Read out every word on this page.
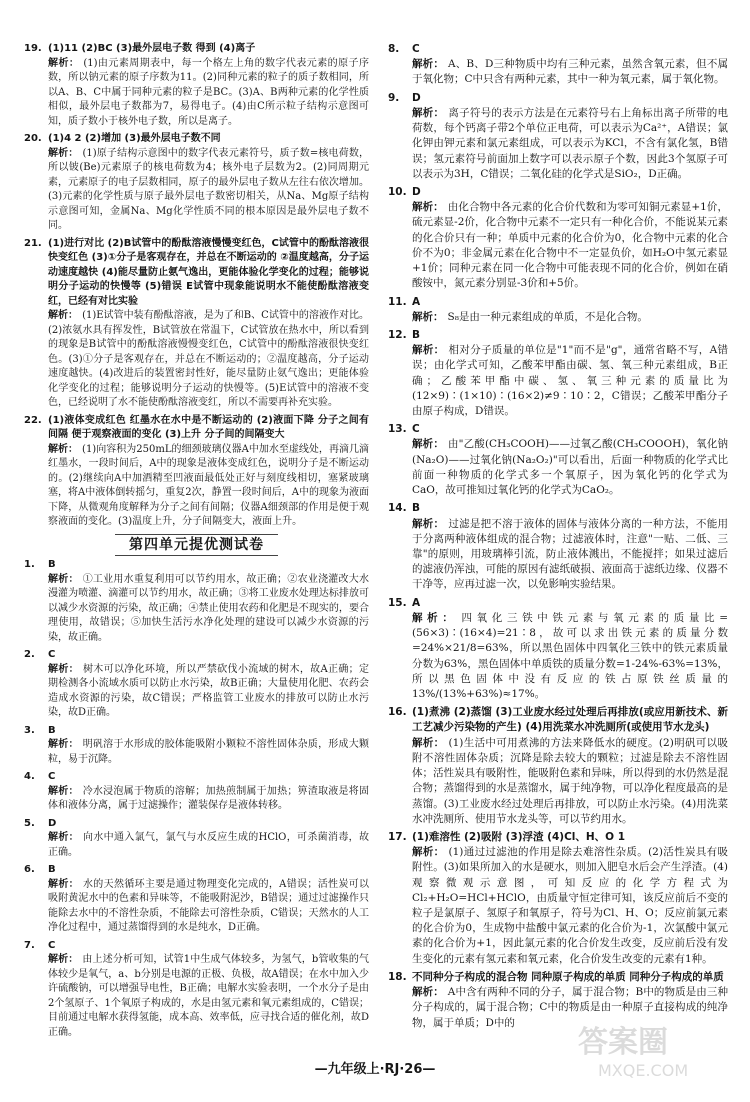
19. (1)11 (2)BC (3)最外层电子数 得到 (4)离子
解析： (1)由元素周期表中，每一个格左上角的数字代表元素的原子序数，所以钠元素的原子序数为11。(2)同种元素的粒子的质子数相同，所以A、B、C中属于同种元素的粒子是BC。(3)A、B两种元素的化学性质相似，最外层电子数都为7，易得电子。(4)由C所示粒子结构示意图可知，质子数小于核外电子数，所以是离子。
20. (1)4 2 (2)增加 (3)最外层电子数不同
解析： (1)原子结构示意图中的数字代表元素符号，质子数=核电荷数，所以铍(Be)元素原子的核电荷数为4；核外电子层数为2。(2)同周期元素，元素原子的电子层数相同，原子的最外层电子数从左往右依次增加。(3)元素的化学性质与原子最外层电子数密切相关，从Na、Mg原子结构示意图可知，金属Na、Mg化学性质不同的根本原因是最外层电子数不同。
21. (1)进行对比 (2)B试管中的酚酞溶液慢慢变红色，C试管中的酚酞溶液很快变红色 (3)①分子是客观存在，并总在不断运动的 ②温度越高，分子运动速度越快 (4)能尽量防止氨气逸出，更能体验化学变化的过程；能够说明分子运动的快慢等 (5)错误 E试管中现象能说明水不能使酚酞溶液变红，已经有对比实验
解析： (1)E试管中装有酚酞溶液，是为了和B、C试管中的溶液作对比。(2)浓氨水具有挥发性，B试管放在常温下，C试管放在热水中，所以看到的现象是B试管中的酚酞溶液慢慢变红色，C试管中的酚酞溶液很快变红色。(3)①分子是客观存在，并总在不断运动的；②温度越高，分子运动速度越快。(4)改进后的装置密封性好，能尽量防止氨气逸出；更能体验化学变化的过程；能够说明分子运动的快慢等。(5)E试管中的溶液不变色，已经说明了水不能使酚酞溶液变红，所以不需要再补充实验。
22. (1)液体变成红色 红墨水在水中是不断运动的 (2)液面下降 分子之间有间隔 便于观察液面的变化 (3)上升 分子间的间隔变大
解析： (1)向容积为250mL的细颈玻璃仪器A中加水至虚线处，再滴几滴红墨水，一段时间后，A中的现象是液体变成红色，说明分子是不断运动的。(2)继续向A中加酒精至凹液面最低处正好与刻度线相切，塞紧玻璃塞，将A中液体倒转摇匀，重复2次，静置一段时间后，A中的现象为液面下降，从微观角度解释为分子之间有间隔；仪器A细颈部的作用是便于观察液面的变化。(3)温度上升，分子间隔变大，液面上升。
第四单元提优测试卷
1. B
解析： ①工业用水重复利用可以节约用水，故正确；②农业浇灌改大水漫灌为喷灌、滴灌可以节约用水，故正确；③将工业废水处理达标排放可以减少水资源的污染，故正确；④禁止使用农药和化肥是不现实的，要合理使用，故错误；⑤加快生活污水净化处理的建设可以减少水资源的污染，故正确。
2. C
解析： 树木可以净化环境，所以严禁砍伐小流域的树木，故A正确；定期检测各小流域水质可以防止水污染，故B正确；大量使用化肥、农药会造成水资源的污染，故C错误；严格监管工业废水的排放可以防止水污染，故D正确。
3. B
解析： 明矾溶于水形成的胶体能吸附小颗粒不溶性固体杂质，形成大颗粒，易于沉降。
4. C
解析： 冷水浸泡属于物质的溶解；加热煎制属于加热；箅渣取液是将固体和液体分离，属于过滤操作；灌装保存是液体转移。
5. D
解析： 向水中通入氯气，氯气与水反应生成的HClO，可杀菌消毒，故正确。
6. B
解析： 水的天然循环主要是通过物理变化完成的，A错误；活性炭可以吸附黄泥水中的色素和异味等，不能吸附泥沙，B错误；通过过滤操作只能除去水中的不溶性杂质，不能除去可溶性杂质，C错误；天然水的人工净化过程中，通过蒸馏得到的水是纯水，D正确。
7. C
解析： 由上述分析可知，试管1中生成气体较多，为氢气，b管收集的气体较少是氧气，a、b分别是电源的正极、负极，故A错误；在水中加入少许硫酸钠，可以增强导电性，B正确；电解水实验表明，一个水分子是由2个氢原子、1个氧原子构成的，水是由氢元素和氧元素组成的，C错误；目前通过电解水获得氢能，成本高、效率低，应寻找合适的催化剂，故D正确。
8. C
解析： A、B、D三种物质中均有三种元素，虽然含氧元素，但不属于氧化物；C中只含有两种元素，其中一种为氧元素，属于氧化物。
9. D
解析： 离子符号的表示方法是在元素符号右上角标出离子所带的电荷数，每个钙离子带2个单位正电荷，可以表示为Ca²⁺，A错误；氯化钾由钾元素和氯元素组成，可以表示为KCl，不含有氯化氢，B错误；氢元素符号前面加上数字可以表示原子个数，因此3个氢原子可以表示为3H，C错误；二氧化硅的化学式是SiO₂，D正确。
10. D
解析： 由化合物中各元素的化合价代数和为零可知铜元素显+1价，硫元素显-2价，化合物中元素不一定只有一种化合价，不能说某元素的化合价只有一种；单质中元素的化合价为0，化合物中元素的化合价不为0；非金属元素在化合物中不一定显负价，如H₂O中氢元素显+1价；同种元素在同一化合物中可能表现不同的化合价，例如在硝酸铵中，氮元素分别显-3价和+5价。
11. A
解析： S₈是由一种元素组成的单质，不是化合物。
12. B
解析： 相对分子质量的单位是"1"而不是"g"，通常省略不写，A错误；由化学式可知，乙酸苯甲酯由碳、氢、氧三种元素组成，B正确；乙酸苯甲酯中碳、氢、氧三种元素的质量比为(12×9)∶(1×10)∶(16×2)≠9∶10∶2，C错误；乙酸苯甲酯分子由原子构成，D错误。
13. C
解析： 由"乙酸(CH₃COOH)——过氧乙酸(CH₃COOOH)，氧化钠(Na₂O)——过氧化钠(Na₂O₂)"可以看出，后面一种物质的化学式比前面一种物质的化学式多一个氧原子，因为氧化钙的化学式为CaO，故可推知过氧化钙的化学式为CaO₂。
14. B
解析： 过滤是把不溶于液体的固体与液体分离的一种方法，不能用于分离两种液体组成的混合物；过滤液体时，注意"一贴、二低、三靠"的原则，用玻璃棒引流，防止液体溅出，不能搅拌；如果过滤后的滤液仍浑浊，可能的原因有滤纸破损、液面高于滤纸边缘、仪器不干净等，应再过滤一次，以免影响实验结果。
15. A
解析： 四氧化三铁中铁元素与氧元素的质量比=(56×3)∶(16×4)=21∶8，故可以求出铁元素的质量分数=24%×21/8=63%，所以黑色固体中四氧化三铁中的铁元素质量分数为63%，黑色固体中单质铁的质量分数=1-24%-63%=13%，所以黑色固体中没有反应的铁占原铁丝质量的13%/(13%+63%)≈17%。
16. (1)煮沸 (2)蒸馏 (3)工业废水经过处理后再排放(或应用新技术、新工艺减少污染物的产生) (4)用洗菜水冲洗厕所(或使用节水龙头)
解析： (1)生活中可用煮沸的方法来降低水的硬度。(2)明矾可以吸附不溶性固体杂质；沉降是除去较大的颗粒；过滤是除去不溶性固体；活性炭具有吸附性，能吸附色素和异味，所以得到的水仍然是混合物；蒸馏得到的水是蒸馏水，属于纯净物，可以净化程度最高的是蒸馏。(3)工业废水经过处理后再排放，可以防止水污染。(4)用洗菜水冲洗厕所、使用节水龙头等，可以节约用水。
17. (1)难溶性 (2)吸附 (3)浮渣 (4)Cl、H、O 1
解析： (1)通过过滤池的作用是除去难溶性杂质。(2)活性炭具有吸附性。(3)如果所加入的水是硬水，则加入肥皂水后会产生浮渣。(4)观察微观示意图，可知反应的化学方程式为Cl₂+H₂O=HCl+HClO，由质量守恒定律可知，该反应前后不变的粒子是氯原子、氢原子和氧原子，符号为Cl、H、O；反应前氯元素的化合价为0，生成物中盐酸中氯元素的化合价为-1，次氯酸中氯元素的化合价为+1，因此氯元素的化合价发生改变，反应前后没有发生变化的元素有氢元素和氧元素，化合价发生改变的元素有1种。
18. 不同种分子构成的混合物 同种原子构成的单质 同种分子构成的单质
解析： A中含有两种不同的分子，属于混合物；B中的物质是由三种分子构成的，属于混合物；C中的物质是由一种原子直接构成的纯净物，属于单质；D中的
—九年级上·RJ·26—
答案圈
MXQE.COM
